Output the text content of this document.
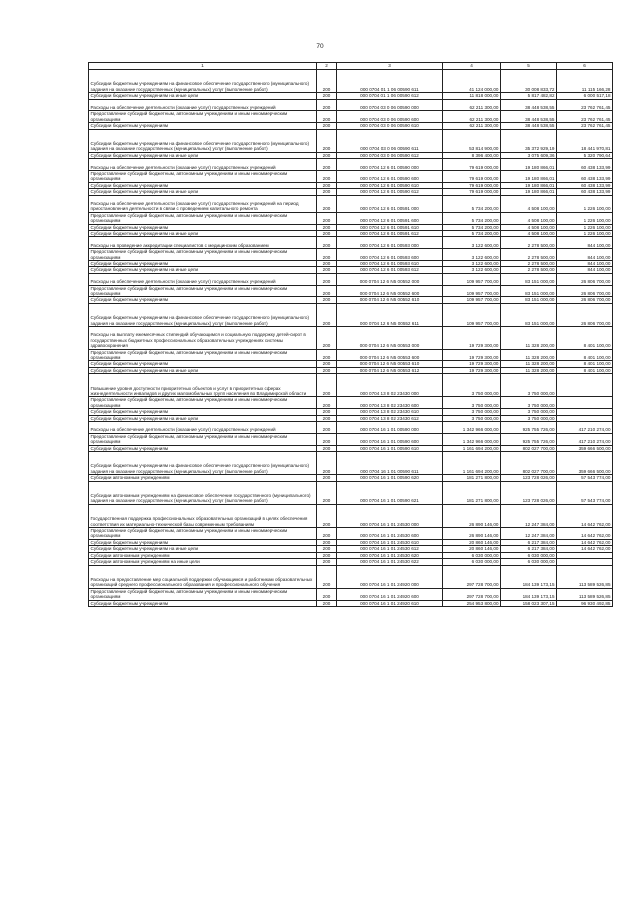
70
1	2	3	4	5	6
Субсидии бюджетным учреждениям на финансовое обеспечение государственного (муниципального) задания на оказание государственных (муниципальных) услуг (выполнение работ)	200	000 0704 01 1 06 00590 611	41 124 000,00	30 008 833,72	11 115 166,28
Субсидии бюджетным учреждениям на иные цели	200	000 0704 01 1 06 00590 612	11 818 000,00	5 817 482,82	6 000 517,18
Расходы на обеспечение деятельности (оказание услуг) государственных учреждений	200	000 0704 03 0 06 00590 000	62 211 300,00	38 448 538,55	23 762 761,45
Предоставление субсидий бюджетным, автономным учреждениям и иным некоммерческим организациям	200	000 0704 03 0 06 00590 600	62 211 300,00	38 448 538,55	23 762 761,45
Субсидии бюджетным учреждениям	200	000 0704 03 0 06 00590 610	62 211 300,00	38 448 538,55	23 762 761,45
Субсидии бюджетным учреждениям на финансовое обеспечение государственного (муниципального) задания на оказание государственных (муниципальных) услуг (выполнение работ)	200	000 0704 03 0 06 00590 611	53 814 900,00	35 372 929,19	18 441 970,81
Субсидии бюджетным учреждениям на иные цели	200	000 0704 03 0 06 00590 612	8 396 400,00	3 075 609,36	5 320 790,64
Расходы на обеспечение деятельности (оказание услуг) государственных учреждений	200	000 0704 12 6 01 00590 000	79 619 000,00	19 180 866,01	60 438 133,99
Предоставление субсидий бюджетным, автономным учреждениям и иным некоммерческим организациям	200	000 0704 12 6 01 00590 600	79 619 000,00	19 180 866,01	60 438 133,99
Субсидии бюджетным учреждениям	200	000 0704 12 6 01 00590 610	79 619 000,00	19 180 866,01	60 438 133,99
Субсидии бюджетным учреждениям на иные цели	200	000 0704 12 6 01 00590 612	79 619 000,00	19 180 866,01	60 438 133,99
Расходы на обеспечение деятельности (оказание услуг) государственных учреждений на период приостановления деятельности в связи с проведением капитального ремонта	200	000 0704 12 6 01 00591 000	5 734 200,00	4 508 100,00	1 226 100,00
Предоставление субсидий бюджетным, автономным учреждениям и иным некоммерческим организациям	200	000 0704 12 6 01 00591 600	5 734 200,00	4 508 100,00	1 226 100,00
Субсидии бюджетным учреждениям	200	000 0704 12 6 01 00591 610	5 734 200,00	4 508 100,00	1 226 100,00
Субсидии бюджетным учреждениям на иные цели	200	000 0704 12 6 01 00591 612	5 734 200,00	4 508 100,00	1 226 100,00
Расходы на проведение аккредитации специалистов с медицинским образованием	200	000 0704 12 6 01 00593 000	3 122 600,00	2 278 500,00	844 100,00
Предоставление субсидий бюджетным, автономным учреждениям и иным некоммерческим организациям	200	000 0704 12 6 01 00593 600	3 122 600,00	2 278 500,00	844 100,00
Субсидии бюджетным учреждениям	200	000 0704 12 6 01 00593 610	3 122 600,00	2 278 500,00	844 100,00
Субсидии бюджетным учреждениям на иные цели	200	000 0704 12 6 01 00593 612	3 122 600,00	2 278 500,00	844 100,00
Расходы на обеспечение деятельности (оказание услуг) государственных учреждений	200	000 0704 12 6 N5 00552 000	109 957 700,00	83 151 000,00	26 806 700,00
Предоставление субсидий бюджетным, автономным учреждениям и иным некоммерческим организациям	200	000 0704 12 6 N5 00552 600	109 957 700,00	83 151 000,00	26 806 700,00
Субсидии бюджетным учреждениям	200	000 0704 12 6 N5 00552 610	109 957 700,00	83 151 000,00	26 806 700,00
Субсидии бюджетным учреждениям на финансовое обеспечение государственного (муниципального) задания на оказание государственных (муниципальных) услуг (выполнение работ)	200	000 0704 12 6 N5 00552 611	109 957 700,00	83 151 000,00	26 806 700,00
Расходы на выплату ежемесячных стипендий обучающимся и социальную поддержку детей-сирот в государственных бюджетных профессиональных образовательных учреждениях системы здравоохранения	200	000 0704 12 6 N5 00553 000	19 729 300,00	11 328 200,00	8 401 100,00
Предоставление субсидий бюджетным, автономным учреждениям и иным некоммерческим организациям	200	000 0704 12 6 N5 00553 600	19 729 300,00	11 328 200,00	8 401 100,00
Субсидии бюджетным учреждениям	200	000 0704 12 6 N5 00553 610	19 729 300,00	11 328 200,00	8 401 100,00
Субсидии бюджетным учреждениям на иные цели	200	000 0704 12 6 N5 00553 612	19 729 300,00	11 328 200,00	8 401 100,00
Повышение уровня доступности приоритетных объектов и услуг в приоритетных сферах жизнедеятельности инвалидов и других маломобильных групп населения во Владимирской области	200	000 0704 13 8 02 23430 000	3 750 000,00	3 750 000,00	
Предоставление субсидий бюджетным, автономным учреждениям и иным некоммерческим организациям	200	000 0704 13 8 02 23430 600	3 750 000,00	3 750 000,00	
Субсидии бюджетным учреждениям	200	000 0704 13 8 02 23430 610	3 750 000,00	3 750 000,00	
Субсидии бюджетным учреждениям на иные цели	200	000 0704 13 8 02 23430 612	3 750 000,00	3 750 000,00	
Расходы на обеспечение деятельности (оказание услуг) государственных учреждений	200	000 0704 16 1 01 00590 000	1 342 966 000,00	925 755 726,00	417 210 274,00
Предоставление субсидий бюджетным, автономным учреждениям и иным некоммерческим организациям	200	000 0704 16 1 01 00590 600	1 342 966 000,00	925 755 726,00	417 210 274,00
Субсидии бюджетным учреждениям	200	000 0704 16 1 01 00590 610	1 161 694 200,00	802 027 700,00	359 666 500,00
Субсидии бюджетным учреждениям на финансовое обеспечение государственного (муниципального) задания на оказание государственных (муниципальных) услуг (выполнение работ)	200	000 0704 16 1 01 00590 611	1 161 694 200,00	802 027 700,00	359 666 500,00
Субсидии автономным учреждениям	200	000 0704 16 1 01 00590 620	181 271 800,00	123 728 026,00	57 543 774,00
Субсидии автономным учреждениям на финансовое обеспечение государственного (муниципального) задания на оказание государственных (муниципальных) услуг (выполнение работ)	200	000 0704 16 1 01 00590 621	181 271 800,00	123 728 026,00	57 543 774,00
Государственная поддержка профессиональных образовательных организаций в целях обеспечения соответствия их материально-технической базы современным требованиям	200	000 0704 16 1 01 24530 000	26 890 146,00	12 247 384,00	14 642 762,00
Предоставление субсидий бюджетным, автономным учреждениям и иным некоммерческим организациям	200	000 0704 16 1 01 24530 600	26 890 146,00	12 247 384,00	14 642 762,00
Субсидии бюджетным учреждениям	200	000 0704 16 1 01 24530 610	20 860 146,00	6 217 384,00	14 642 762,00
Субсидии бюджетным учреждениям на иные цели	200	000 0704 16 1 01 24530 612	20 860 146,00	6 217 384,00	14 642 762,00
Субсидии автономным учреждениям	200	000 0704 16 1 01 24530 620	6 030 000,00	6 030 000,00	
Субсидии автономным учреждениям на иные цели	200	000 0704 16 1 01 24530 622	6 030 000,00	6 030 000,00	
Расходы на предоставление мер социальной поддержки обучающимся и работникам образовательных организаций среднего профессионального образования и профессионального обучения	200	000 0704 16 1 01 24920 000	297 728 700,00	184 139 173,15	113 589 526,85
Предоставление субсидий бюджетным, автономным учреждениям и иным некоммерческим организациям	200	000 0704 16 1 01 24920 600	297 728 700,00	184 139 173,15	113 589 526,85
Субсидии бюджетным учреждениям	200	000 0704 16 1 01 24920 610	254 953 800,00	158 023 307,15	96 930 492,85
